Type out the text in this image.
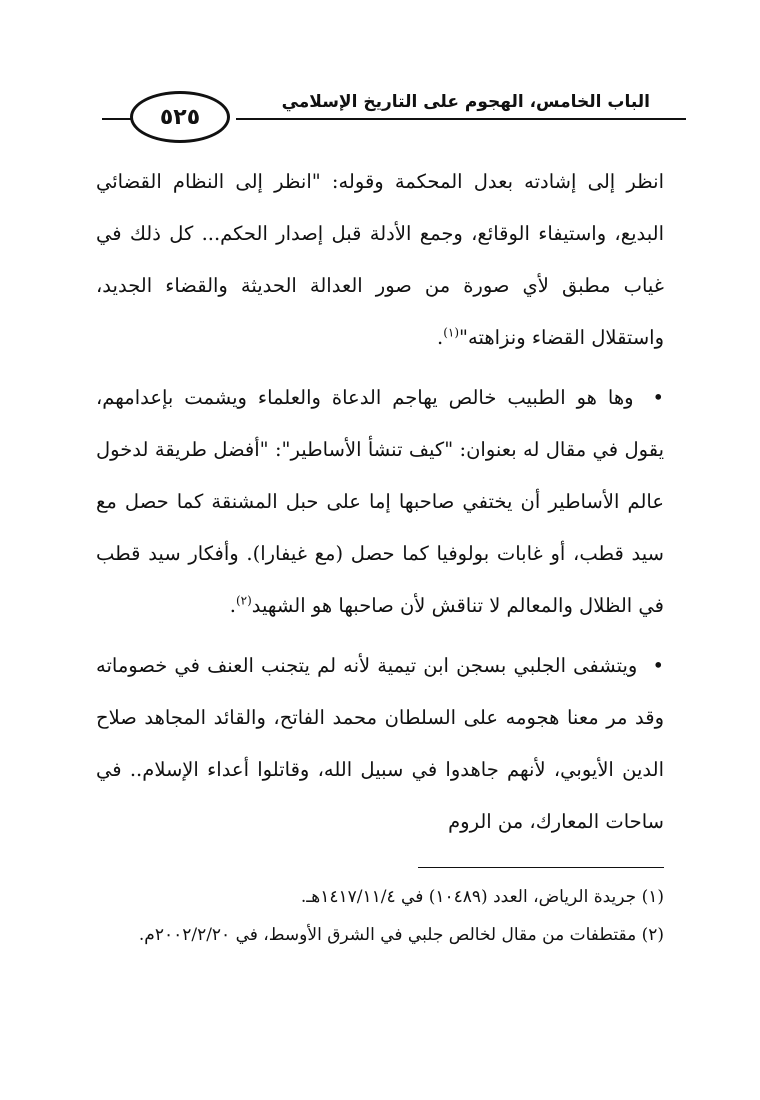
الباب الخامس، الهجوم على التاريخ الإسلامي
٥٢٥

انظر إلى إشادته بعدل المحكمة وقوله: "انظر إلى النظام القضائي البديع، واستيفاء الوقائع، وجمع الأدلة قبل إصدار الحكم... كل ذلك في غياب مطبق لأي صورة من صور العدالة الحديثة والقضاء الجديد، واستقلال القضاء ونزاهته"$^{(١)}$.

• وها هو الطبيب خالص يهاجم الدعاة والعلماء ويشمت بإعدامهم، يقول في مقال له بعنوان: "كيف تنشأ الأساطير": "أفضل طريقة لدخول عالم الأساطير أن يختفي صاحبها إما على حبل المشنقة كما حصل مع سيد قطب، أو غابات بولوفيا كما حصل (مع غيفارا). وأفكار سيد قطب في الظلال والمعالم لا تناقش لأن صاحبها هو الشهيد$^{(٢)}$.

• ويتشفى الجلبي بسجن ابن تيمية لأنه لم يتجنب العنف في خصوماته وقد مر معنا هجومه على السلطان محمد الفاتح، والقائد المجاهد صلاح الدين الأيوبي، لأنهم جاهدوا في سبيل الله، وقاتلوا أعداء الإسلام.. في ساحات المعارك، من الروم

(١) جريدة الرياض، العدد (١٠٤٨٩) في ١٤١٧/١١/٤هـ.

(٢) مقتطفات من مقال لخالص جلبي في الشرق الأوسط، في ٢٠٠٢/٢/٢٠م.
